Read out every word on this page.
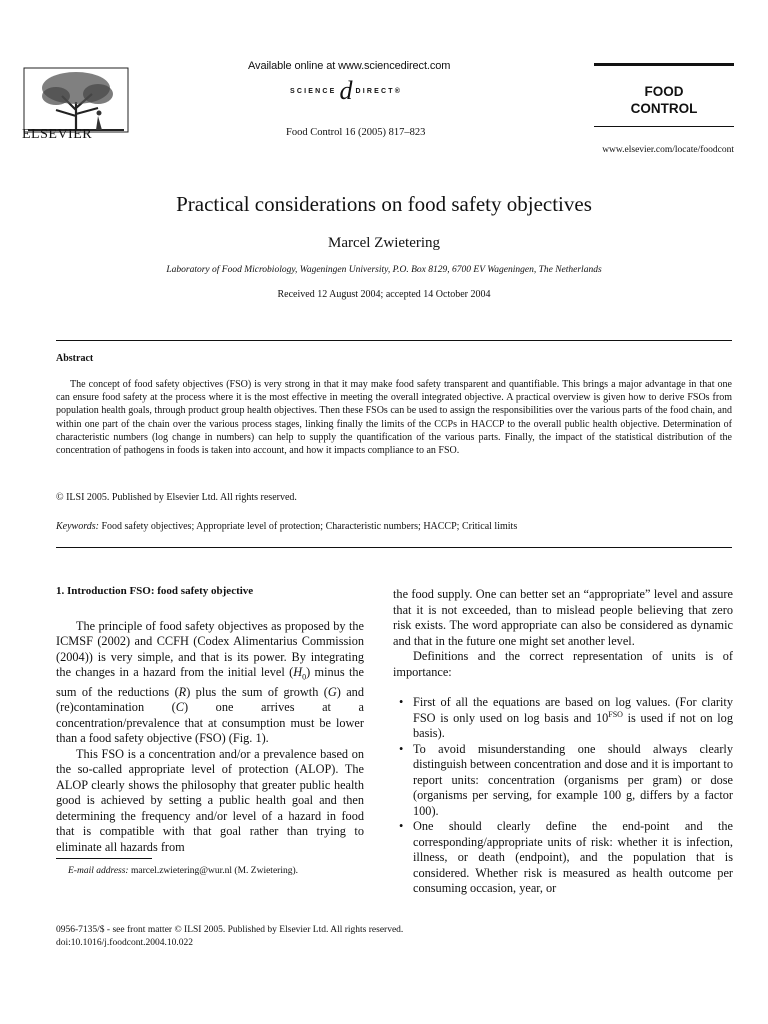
ELSEVIER
Available online at www.sciencedirect.com
SCIENCE d DIRECT®
Food Control 16 (2005) 817–823
FOOD
CONTROL
www.elsevier.com/locate/foodcont
Practical considerations on food safety objectives
Marcel Zwietering
Laboratory of Food Microbiology, Wageningen University, P.O. Box 8129, 6700 EV Wageningen, The Netherlands
Received 12 August 2004; accepted 14 October 2004
Abstract

The concept of food safety objectives (FSO) is very strong in that it may make food safety transparent and quantifiable. This brings a major advantage in that one can ensure food safety at the process where it is the most effective in meeting the overall integrated objective. A practical overview is given how to derive FSOs from population health goals, through product group health objectives. Then these FSOs can be used to assign the responsibilities over the various parts of the food chain, and within one part of the chain over the various process stages, linking finally the limits of the CCPs in HACCP to the overall public health objective. Determination of characteristic numbers (log change in numbers) can help to supply the quantification of the various parts. Finally, the impact of the statistical distribution of the concentration of pathogens in foods is taken into account, and how it impacts compliance to an FSO.

© ILSI 2005. Published by Elsevier Ltd. All rights reserved.
Keywords: Food safety objectives; Appropriate level of protection; Characteristic numbers; HACCP; Critical limits

1. Introduction FSO: food safety objective

The principle of food safety objectives as proposed by the ICMSF (2002) and CCFH (Codex Alimentarius Commission (2004)) is very simple, and that is its power. By integrating the changes in a hazard from the initial level $(H_0)$ minus the sum of the reductions (R) plus the sum of growth (G) and (re)contamination (C) one arrives at a concentration/prevalence that at consumption must be lower than a food safety objective (FSO) (Fig. 1).

This FSO is a concentration and/or a prevalence based on the so-called appropriate level of protection (ALOP). The ALOP clearly shows the philosophy that greater public health good is achieved by setting a public health goal and then determining the frequency and/or level of a hazard in food that is compatible with that goal rather than trying to eliminate all hazards from

the food supply. One can better set an “appropriate” level and assure that it is not exceeded, than to mislead people believing that zero risk exists. The word appropriate can also be considered as dynamic and that in the future one might set another level.

Definitions and the correct representation of units is of importance:

• First of all the equations are based on log values. (For clarity FSO is only used on log basis and $10^{FSO}$ is used if not on log basis).
• To avoid misunderstanding one should always clearly distinguish between concentration and dose and it is important to report units: concentration (organisms per gram) or dose (organisms per serving, for example 100 g, differs by a factor 100).
• One should clearly define the end-point and the corresponding/appropriate units of risk: whether it is infection, illness, or death (endpoint), and the population that is considered. Whether risk is measured as health outcome per consuming occasion, year, or
E-mail address: marcel.zwietering@wur.nl (M. Zwietering).
0956-7135/$ - see front matter © ILSI 2005. Published by Elsevier Ltd. All rights reserved.
doi:10.1016/j.foodcont.2004.10.022
